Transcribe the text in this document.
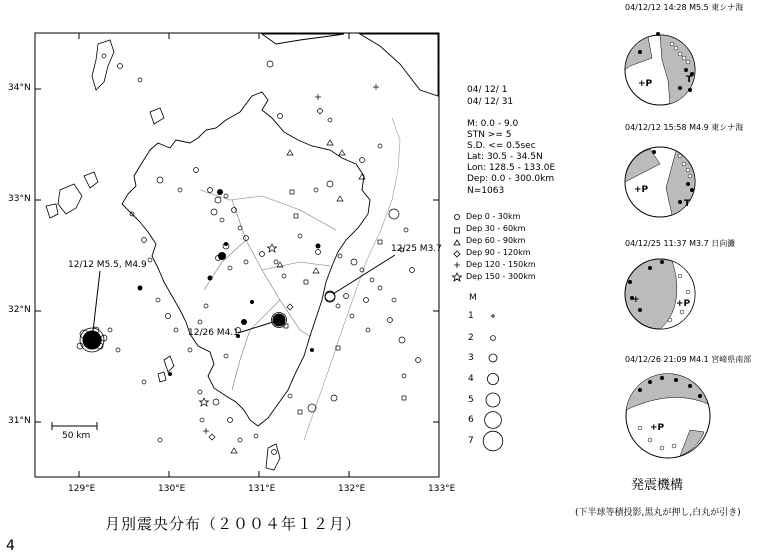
+P	T
+P
T
+	+P
+P
34°N
33°N
32°N
31°N
129°E	130°E	131°E	132°E	133°E
50 km
12/12 M5.5, M4.9
12/26 M4.1
12/25 M3.7
04/ 12/ 1
04/ 12/ 31
M: 0.0 - 9.0
STN >= 5
S.D. <= 0.5sec
Lat: 30.5 - 34.5N
Lon: 128.5 - 133.0E
Dep: 0.0 - 300.0km
N=1063
Dep 0 - 30km
Dep 30 - 60km
Dep 60 - 90km
Dep 90 - 120km
Dep 120 - 150km
Dep 150 - 300km
M
1
2
3
4
5
6
7
04/12/12 14:28 M5.5 東シナ海
04/12/12 15:58 M4.9 東シナ海
04/12/25 11:37 M3.7 日向灘
04/12/26 21:09 M4.1 宮崎県南部
発震機構
(下半球等積投影,黒丸が押し,白丸が引き)
月別震央分布（２００４年１２月）
4
